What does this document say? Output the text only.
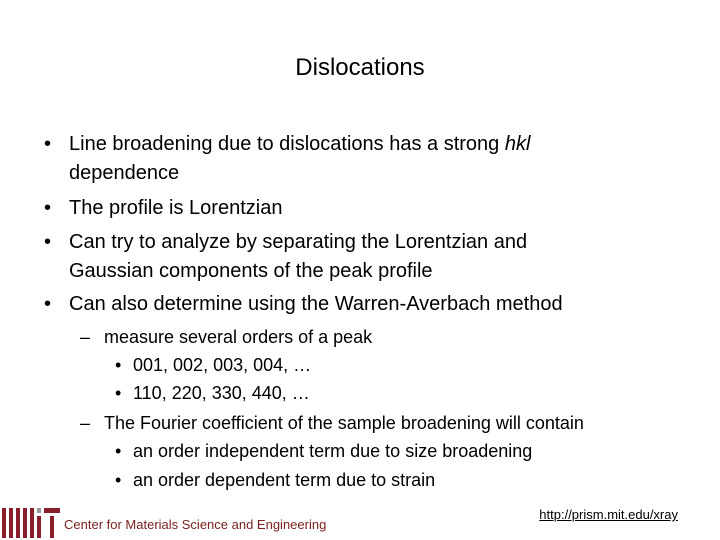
Dislocations
• Line broadening due to dislocations has a strong hkl
dependence
• The profile is Lorentzian
• Can try to analyze by separating the Lorentzian and
Gaussian components of the peak profile
• Can also determine using the Warren-Averbach method
– measure several orders of a peak
• 001, 002, 003, 004, …
• 110, 220, 330, 440, …
– The Fourier coefficient of the sample broadening will contain
• an order independent term due to size broadening
• an order dependent term due to strain
Center for Materials Science and Engineering
http://prism.mit.edu/xray
